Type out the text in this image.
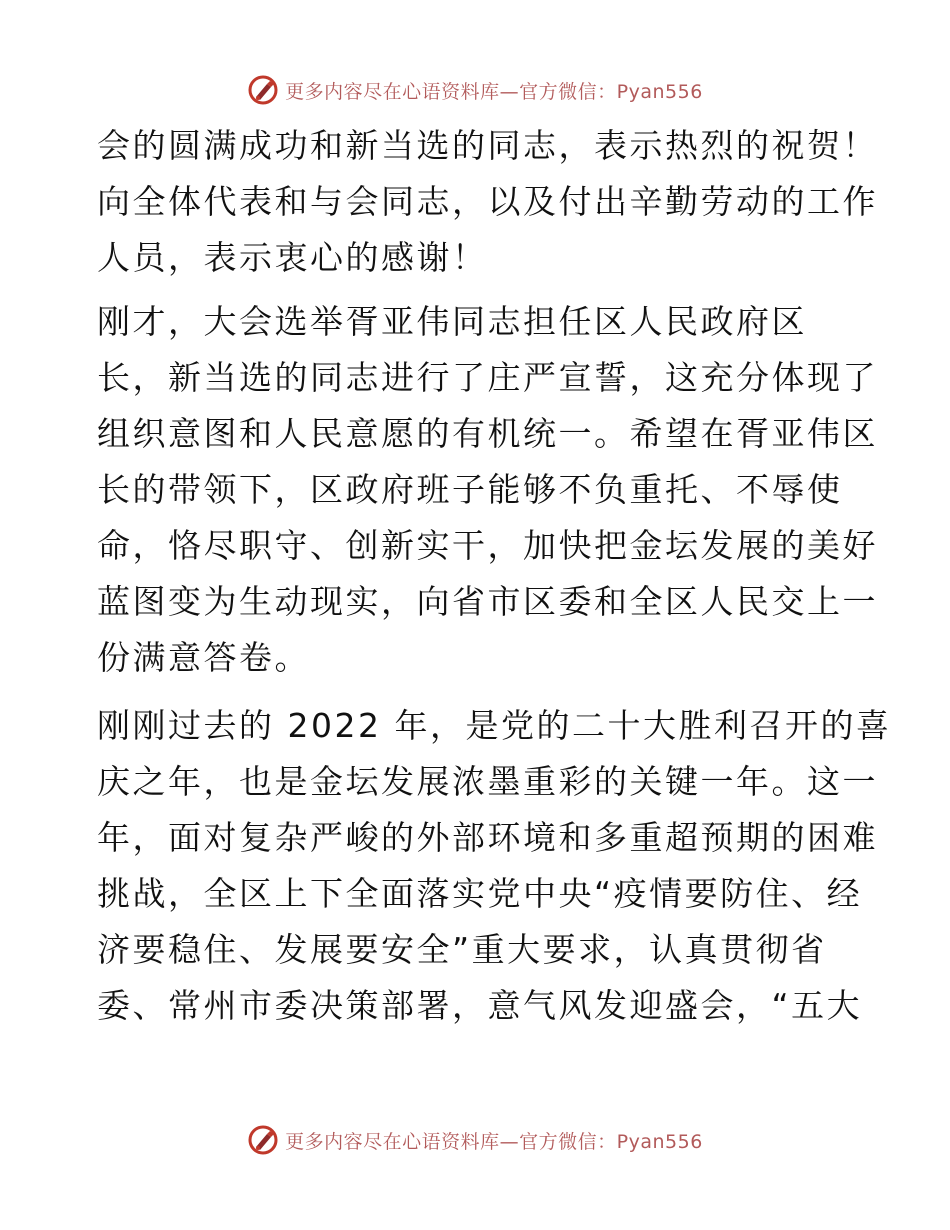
更多内容尽在心语资料库—官方微信：Pyan556
会的圆满成功和新当选的同志，表示热烈的祝贺！
向全体代表和与会同志，以及付出辛勤劳动的工作
人员，表示衷心的感谢！
刚才，大会选举胥亚伟同志担任区人民政府区
长，新当选的同志进行了庄严宣誓，这充分体现了
组织意图和人民意愿的有机统一。希望在胥亚伟区
长的带领下，区政府班子能够不负重托、不辱使
命，恪尽职守、创新实干，加快把金坛发展的美好
蓝图变为生动现实，向省市区委和全区人民交上一
份满意答卷。
刚刚过去的 2022 年，是党的二十大胜利召开的喜
庆之年，也是金坛发展浓墨重彩的关键一年。这一
年，面对复杂严峻的外部环境和多重超预期的困难
挑战，全区上下全面落实党中央“疫情要防住、经
济要稳住、发展要安全”重大要求，认真贯彻省
委、常州市委决策部署，意气风发迎盛会，“五大
更多内容尽在心语资料库—官方微信：Pyan556
